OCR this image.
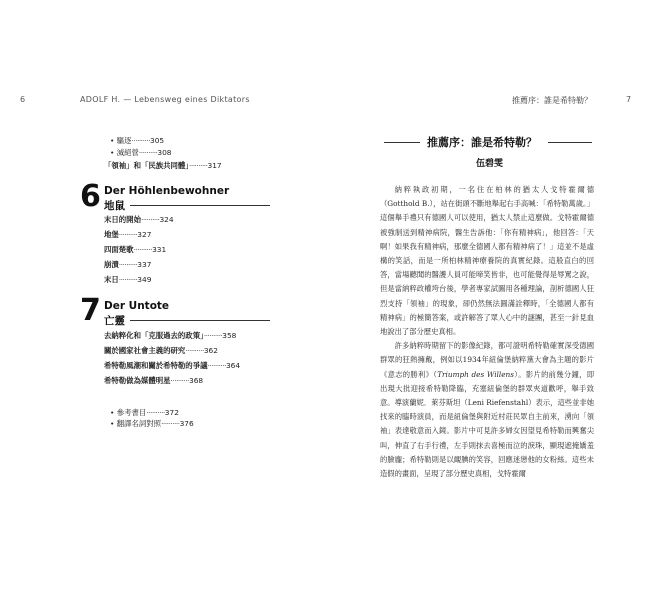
6	ADOLF H. — Lebensweg eines Diktators	推薦序：誰是希特勒？	7
• 驅逐··········305
• 滅絕營··········308
「領袖」和「民族共同體」··········317
6 Der Höhlenbewohner
地鼠
末日的開始··········324
地堡··········327
四面楚歌··········331
崩潰··········337
末日··········349
7 Der Untote
亡靈
去納粹化和「克服過去的政策」··········358
關於國家社會主義的研究··········362
希特勒風潮和關於希特勒的爭議··········364
希特勒做為媒體明星··········368
• 參考書目··········372
• 翻譯名詞對照··········376
推薦序：誰是希特勒？
伍碧雯

納粹執政初期，一名住在柏林的猶太人戈特霍爾德（Gotthold B.），站在街頭不斷地舉起右手高喊：「希特勒萬歲。」這個舉手禮只有德國人可以使用，猶太人禁止這麼做。戈特霍爾德被強制送到精神病院，醫生告訴他：「你有精神病」，他回答：「天啊！如果我有精神病，那麼全德國人都有精神病了！」這並不是虛構的笑話，而是一所柏林精神療養院的真實紀錄。這般直白的回答，當場聽聞的醫護人員可能啼笑皆非，也可能覺得是辱罵之說，但是當納粹政權垮台後，學者專家試圖用各種理論，剖析德國人狂烈支持「領袖」的現象，卻仍然無法圓滿詮釋時，「全德國人都有精神病」的極簡答案，或許解答了眾人心中的謎團，甚至一針見血地說出了部分歷史真相。

許多納粹時期留下的影像紀錄，都可證明希特勒確實深受德國群眾的狂熱擁戴，例如以1934年紐倫堡納粹黨大會為主題的影片《意志的勝利》（Triumph des Willens）。影片的前幾分鐘，即出現大批迎接希特勒降臨，充塞紐倫堡的群眾夾道歡呼，舉手致意。導演蘭妮．萊芬斯坦（Leni Riefenstahl）表示，這些並非她找來的臨時演員，而是紐倫堡與附近村莊民眾自主前來，湧向「領袖」表達敬意而入鏡。影片中可見許多婦女因望見希特勒而興奮尖叫，伸直了右手行禮，左手則抹去喜極而泣的淚珠，顯現遮掩嬌羞的臉龐；希特勒則是以靦腆的笑容，回應迷戀他的女粉絲。這些未造假的畫面，呈現了部分歷史真相，戈特霍爾
